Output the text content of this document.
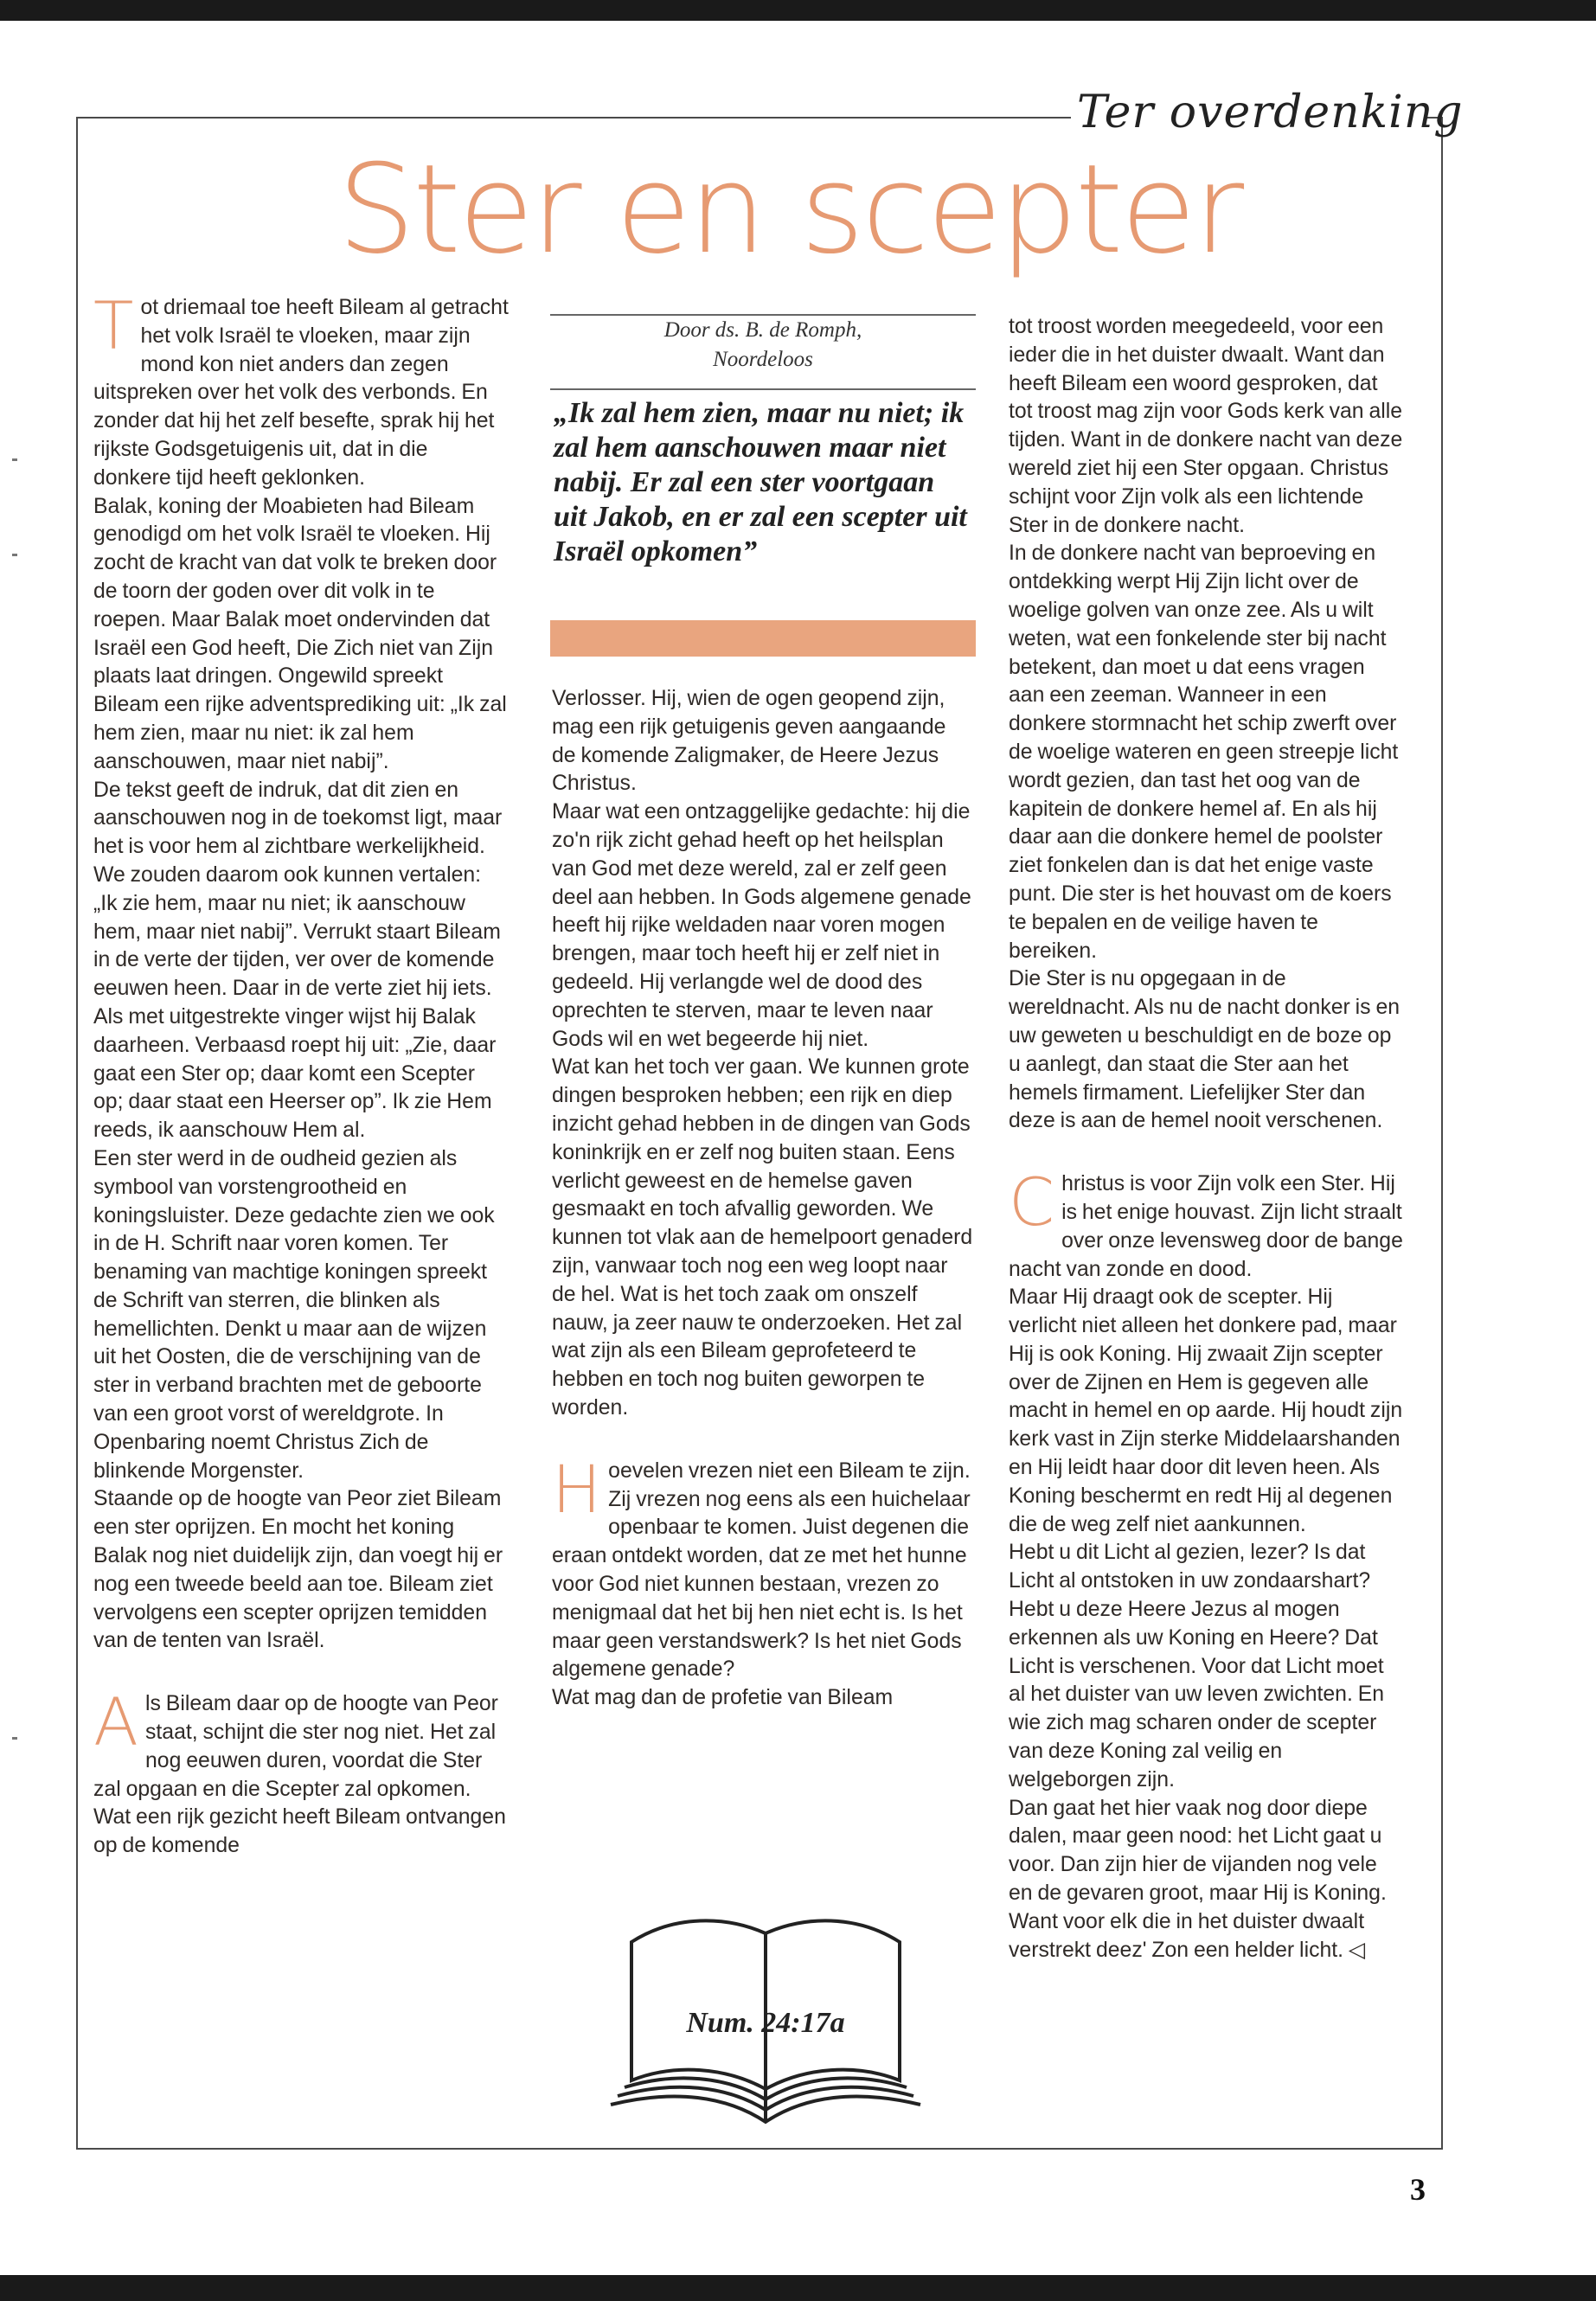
Ter overdenking
Ster en scepter

Tot driemaal toe heeft Bileam al getracht het volk Israël te vloeken, maar zijn mond kon niet anders dan zegen uitspreken over het volk des verbonds. En zonder dat hij het zelf besefte, sprak hij het rijkste Godsgetuigenis uit, dat in die donkere tijd heeft geklonken.

Balak, koning der Moabieten had Bileam genodigd om het volk Israël te vloeken. Hij zocht de kracht van dat volk te breken door de toorn der goden over dit volk in te roepen. Maar Balak moet ondervinden dat Israël een God heeft, Die Zich niet van Zijn plaats laat dringen. Ongewild spreekt Bileam een rijke adventsprediking uit: „Ik zal hem zien, maar nu niet: ik zal hem aanschouwen, maar niet nabij”.

De tekst geeft de indruk, dat dit zien en aanschouwen nog in de toekomst ligt, maar het is voor hem al zichtbare werkelijkheid. We zouden daarom ook kunnen vertalen: „Ik zie hem, maar nu niet; ik aanschouw hem, maar niet nabij”. Verrukt staart Bileam in de verte der tijden, ver over de komende eeuwen heen. Daar in de verte ziet hij iets. Als met uitgestrekte vinger wijst hij Balak daarheen. Verbaasd roept hij uit: „Zie, daar gaat een Ster op; daar komt een Scepter op; daar staat een Heerser op”. Ik zie Hem reeds, ik aanschouw Hem al.

Een ster werd in de oudheid gezien als symbool van vorstengrootheid en koningsluister. Deze gedachte zien we ook in de H. Schrift naar voren komen. Ter benaming van machtige koningen spreekt de Schrift van sterren, die blinken als hemellichten. Denkt u maar aan de wijzen uit het Oosten, die de verschijning van de ster in verband brachten met de geboorte van een groot vorst of wereldgrote. In Openbaring noemt Christus Zich de blinkende Morgenster.

Staande op de hoogte van Peor ziet Bileam een ster oprijzen. En mocht het koning Balak nog niet duidelijk zijn, dan voegt hij er nog een tweede beeld aan toe. Bileam ziet vervolgens een scepter oprijzen temidden van de tenten van Israël.

Als Bileam daar op de hoogte van Peor staat, schijnt die ster nog niet. Het zal nog eeuwen duren, voordat die Ster zal opgaan en die Scepter zal opkomen. Wat een rijk gezicht heeft Bileam ontvangen op de komende

Door ds. B. de Romph,
Noordeloos
„Ik zal hem zien, maar nu niet; ik zal hem aanschouwen maar niet nabij. Er zal een ster voortgaan uit Jakob, en er zal een scepter uit Israël opkomen”

Verlosser. Hij, wien de ogen geopend zijn, mag een rijk getuigenis geven aangaande de komende Zaligmaker, de Heere Jezus Christus.

Maar wat een ontzaggelijke gedachte: hij die zo'n rijk zicht gehad heeft op het heilsplan van God met deze wereld, zal er zelf geen deel aan hebben. In Gods algemene genade heeft hij rijke weldaden naar voren mogen brengen, maar toch heeft hij er zelf niet in gedeeld. Hij verlangde wel de dood des oprechten te sterven, maar te leven naar Gods wil en wet begeerde hij niet.

Wat kan het toch ver gaan. We kunnen grote dingen besproken hebben; een rijk en diep inzicht gehad hebben in de dingen van Gods koninkrijk en er zelf nog buiten staan. Eens verlicht geweest en de hemelse gaven gesmaakt en toch afvallig geworden. We kunnen tot vlak aan de hemelpoort genaderd zijn, vanwaar toch nog een weg loopt naar de hel. Wat is het toch zaak om onszelf nauw, ja zeer nauw te onderzoeken. Het zal wat zijn als een Bileam geprofeteerd te hebben en toch nog buiten geworpen te worden.

Hoevelen vrezen niet een Bileam te zijn. Zij vrezen nog eens als een huichelaar openbaar te komen. Juist degenen die eraan ontdekt worden, dat ze met het hunne voor God niet kunnen bestaan, vrezen zo menigmaal dat het bij hen niet echt is. Is het maar geen verstandswerk? Is het niet Gods algemene genade?

Wat mag dan de profetie van Bileam

Num. 24:17a

tot troost worden meegedeeld, voor een ieder die in het duister dwaalt. Want dan heeft Bileam een woord gesproken, dat tot troost mag zijn voor Gods kerk van alle tijden. Want in de donkere nacht van deze wereld ziet hij een Ster opgaan. Christus schijnt voor Zijn volk als een lichtende Ster in de donkere nacht.

In de donkere nacht van beproeving en ontdekking werpt Hij Zijn licht over de woelige golven van onze zee. Als u wilt weten, wat een fonkelende ster bij nacht betekent, dan moet u dat eens vragen aan een zeeman. Wanneer in een donkere stormnacht het schip zwerft over de woelige wateren en geen streepje licht wordt gezien, dan tast het oog van de kapitein de donkere hemel af. En als hij daar aan die donkere hemel de poolster ziet fonkelen dan is dat het enige vaste punt. Die ster is het houvast om de koers te bepalen en de veilige haven te bereiken.

Die Ster is nu opgegaan in de wereldnacht. Als nu de nacht donker is en uw geweten u beschuldigt en de boze op u aanlegt, dan staat die Ster aan het hemels firmament. Liefelijker Ster dan deze is aan de hemel nooit verschenen.

Christus is voor Zijn volk een Ster. Hij is het enige houvast. Zijn licht straalt over onze levensweg door de bange nacht van zonde en dood.

Maar Hij draagt ook de scepter. Hij verlicht niet alleen het donkere pad, maar Hij is ook Koning. Hij zwaait Zijn scepter over de Zijnen en Hem is gegeven alle macht in hemel en op aarde. Hij houdt zijn kerk vast in Zijn sterke Middelaarshanden en Hij leidt haar door dit leven heen. Als Koning beschermt en redt Hij al degenen die de weg zelf niet aankunnen.

Hebt u dit Licht al gezien, lezer? Is dat Licht al ontstoken in uw zondaarshart? Hebt u deze Heere Jezus al mogen erkennen als uw Koning en Heere? Dat Licht is verschenen. Voor dat Licht moet al het duister van uw leven zwichten. En wie zich mag scharen onder de scepter van deze Koning zal veilig en welgeborgen zijn.

Dan gaat het hier vaak nog door diepe dalen, maar geen nood: het Licht gaat u voor. Dan zijn hier de vijanden nog vele en de gevaren groot, maar Hij is Koning. Want voor elk die in het duister dwaalt verstrekt deez' Zon een helder licht. ◁

3
